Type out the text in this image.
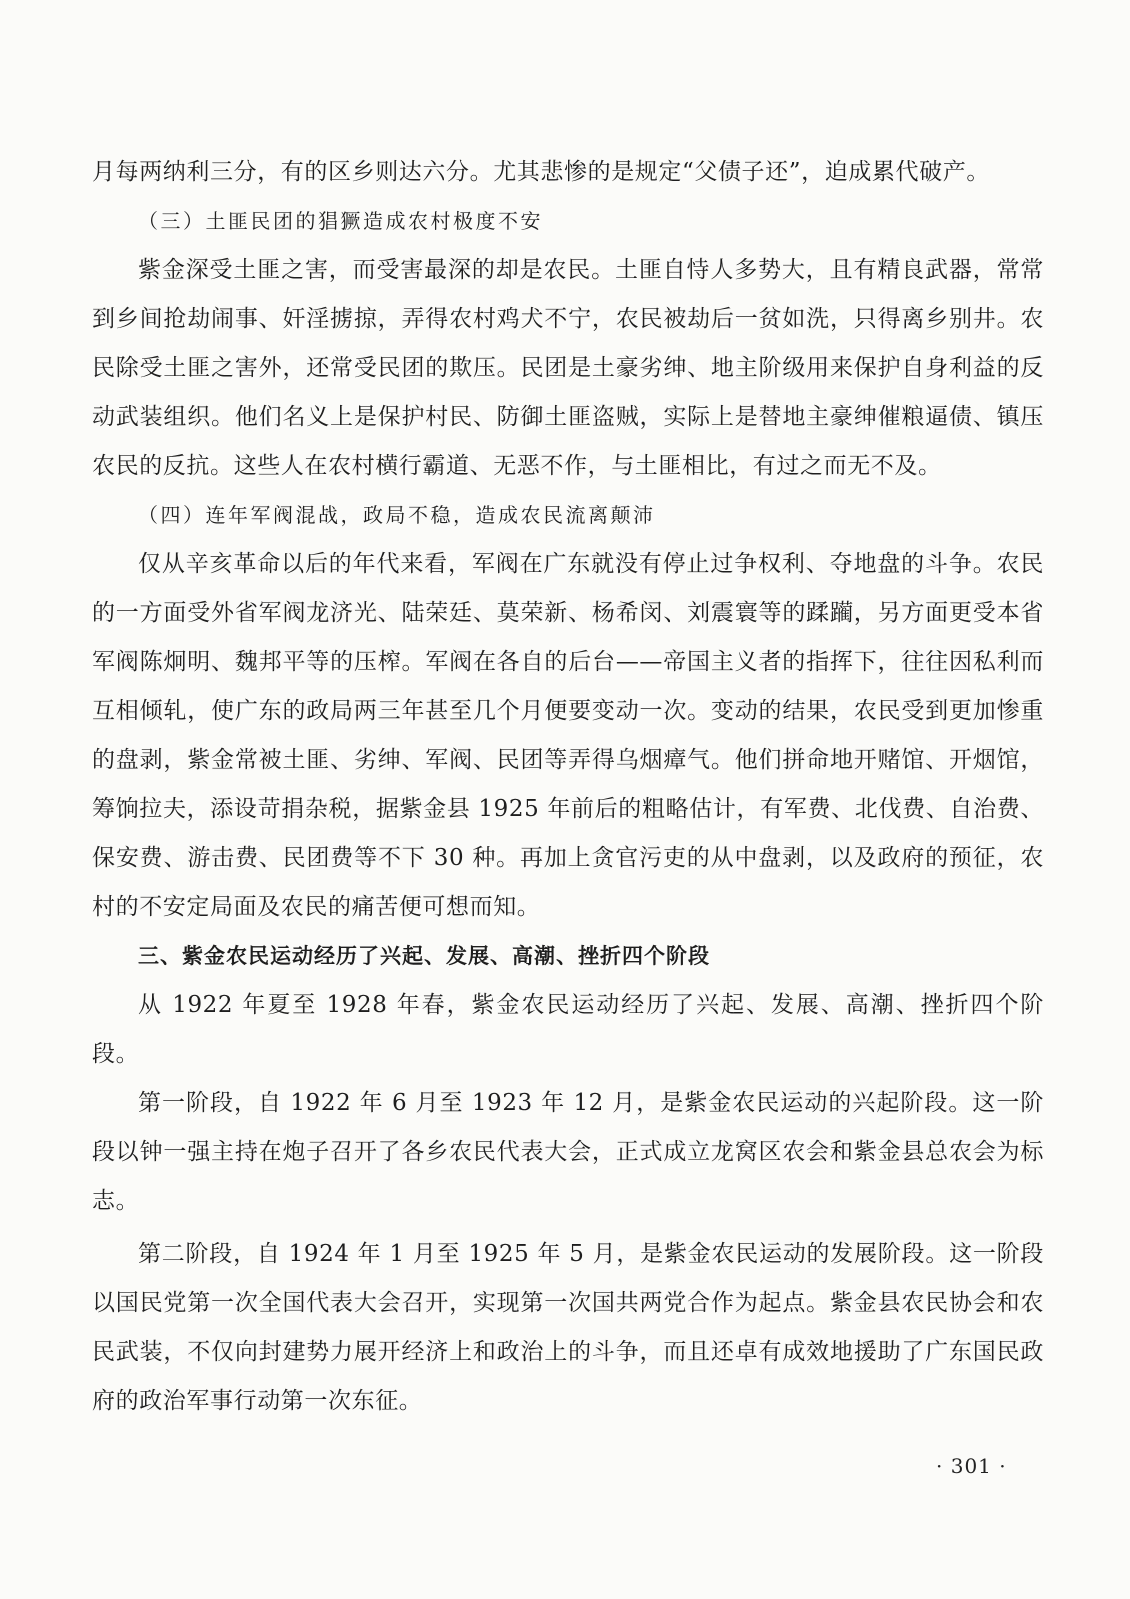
月每两纳利三分，有的区乡则达六分。尤其悲惨的是规定“父债子还”，迫成累代破产。

（三）土匪民团的猖獗造成农村极度不安

紫金深受土匪之害，而受害最深的却是农民。土匪自恃人多势大，且有精良武器，常常到乡间抢劫闹事、奸淫掳掠，弄得农村鸡犬不宁，农民被劫后一贫如洗，只得离乡别井。农民除受土匪之害外，还常受民团的欺压。民团是土豪劣绅、地主阶级用来保护自身利益的反动武装组织。他们名义上是保护村民、防御土匪盗贼，实际上是替地主豪绅催粮逼债、镇压农民的反抗。这些人在农村横行霸道、无恶不作，与土匪相比，有过之而无不及。

（四）连年军阀混战，政局不稳，造成农民流离颠沛

仅从辛亥革命以后的年代来看，军阀在广东就没有停止过争权利、夺地盘的斗争。农民的一方面受外省军阀龙济光、陆荣廷、莫荣新、杨希闵、刘震寰等的蹂躏，另方面更受本省军阀陈炯明、魏邦平等的压榨。军阀在各自的后台——帝国主义者的指挥下，往往因私利而互相倾轧，使广东的政局两三年甚至几个月便要变动一次。变动的结果，农民受到更加惨重的盘剥，紫金常被土匪、劣绅、军阀、民团等弄得乌烟瘴气。他们拼命地开赌馆、开烟馆，筹饷拉夫，添设苛捐杂税，据紫金县 1925 年前后的粗略估计，有军费、北伐费、自治费、保安费、游击费、民团费等不下 30 种。再加上贪官污吏的从中盘剥，以及政府的预征，农村的不安定局面及农民的痛苦便可想而知。

三、紫金农民运动经历了兴起、发展、高潮、挫折四个阶段

从 1922 年夏至 1928 年春，紫金农民运动经历了兴起、发展、高潮、挫折四个阶段。

第一阶段，自 1922 年 6 月至 1923 年 12 月，是紫金农民运动的兴起阶段。这一阶段以钟一强主持在炮子召开了各乡农民代表大会，正式成立龙窝区农会和紫金县总农会为标志。

第二阶段，自 1924 年 1 月至 1925 年 5 月，是紫金农民运动的发展阶段。这一阶段以国民党第一次全国代表大会召开，实现第一次国共两党合作为起点。紫金县农民协会和农民武装，不仅向封建势力展开经济上和政治上的斗争，而且还卓有成效地援助了广东国民政府的政治军事行动第一次东征。

· 301 ·
